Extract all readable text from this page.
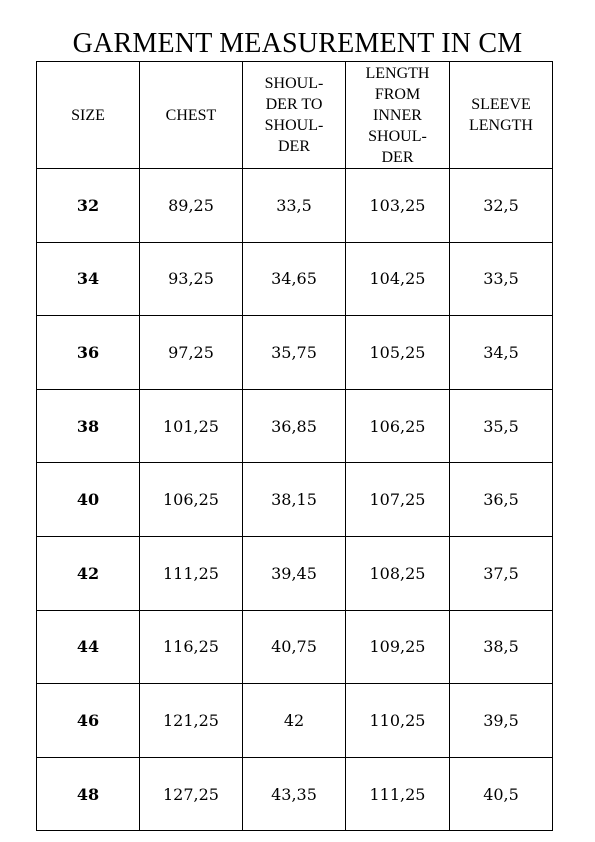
GARMENT MEASUREMENT IN CM
SIZE	CHEST	SHOUL-
DER TO
SHOUL-
DER	LENGTH
FROM
INNER
SHOUL-
DER	SLEEVE
LENGTH

32	89,25	33,5	103,25	32,5
34	93,25	34,65	104,25	33,5
36	97,25	35,75	105,25	34,5
38	101,25	36,85	106,25	35,5
40	106,25	38,15	107,25	36,5
42	111,25	39,45	108,25	37,5
44	116,25	40,75	109,25	38,5
46	121,25	42	110,25	39,5
48	127,25	43,35	111,25	40,5
